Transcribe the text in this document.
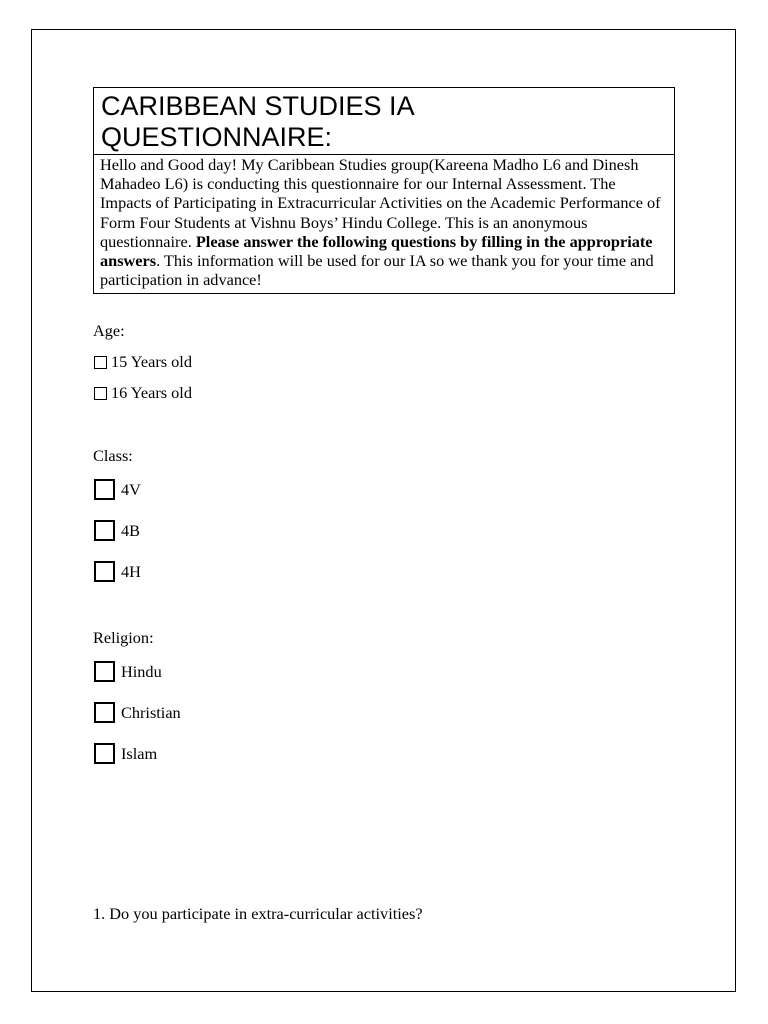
CARIBBEAN STUDIES IA
QUESTIONNAIRE:
Hello and Good day! My Caribbean Studies group(Kareena Madho L6 and Dinesh Mahadeo L6) is conducting this questionnaire for our Internal Assessment. The Impacts of Participating in Extracurricular Activities on the Academic Performance of Form Four Students at Vishnu Boys’ Hindu College. This is an anonymous questionnaire. Please answer the following questions by filling in the appropriate answers. This information will be used for our IA so we thank you for your time and participation in advance!
Age:
15 Years old
16 Years old
Class:
4V
4B
4H
Religion:
Hindu
Christian
Islam
1. Do you participate in extra-curricular activities?
